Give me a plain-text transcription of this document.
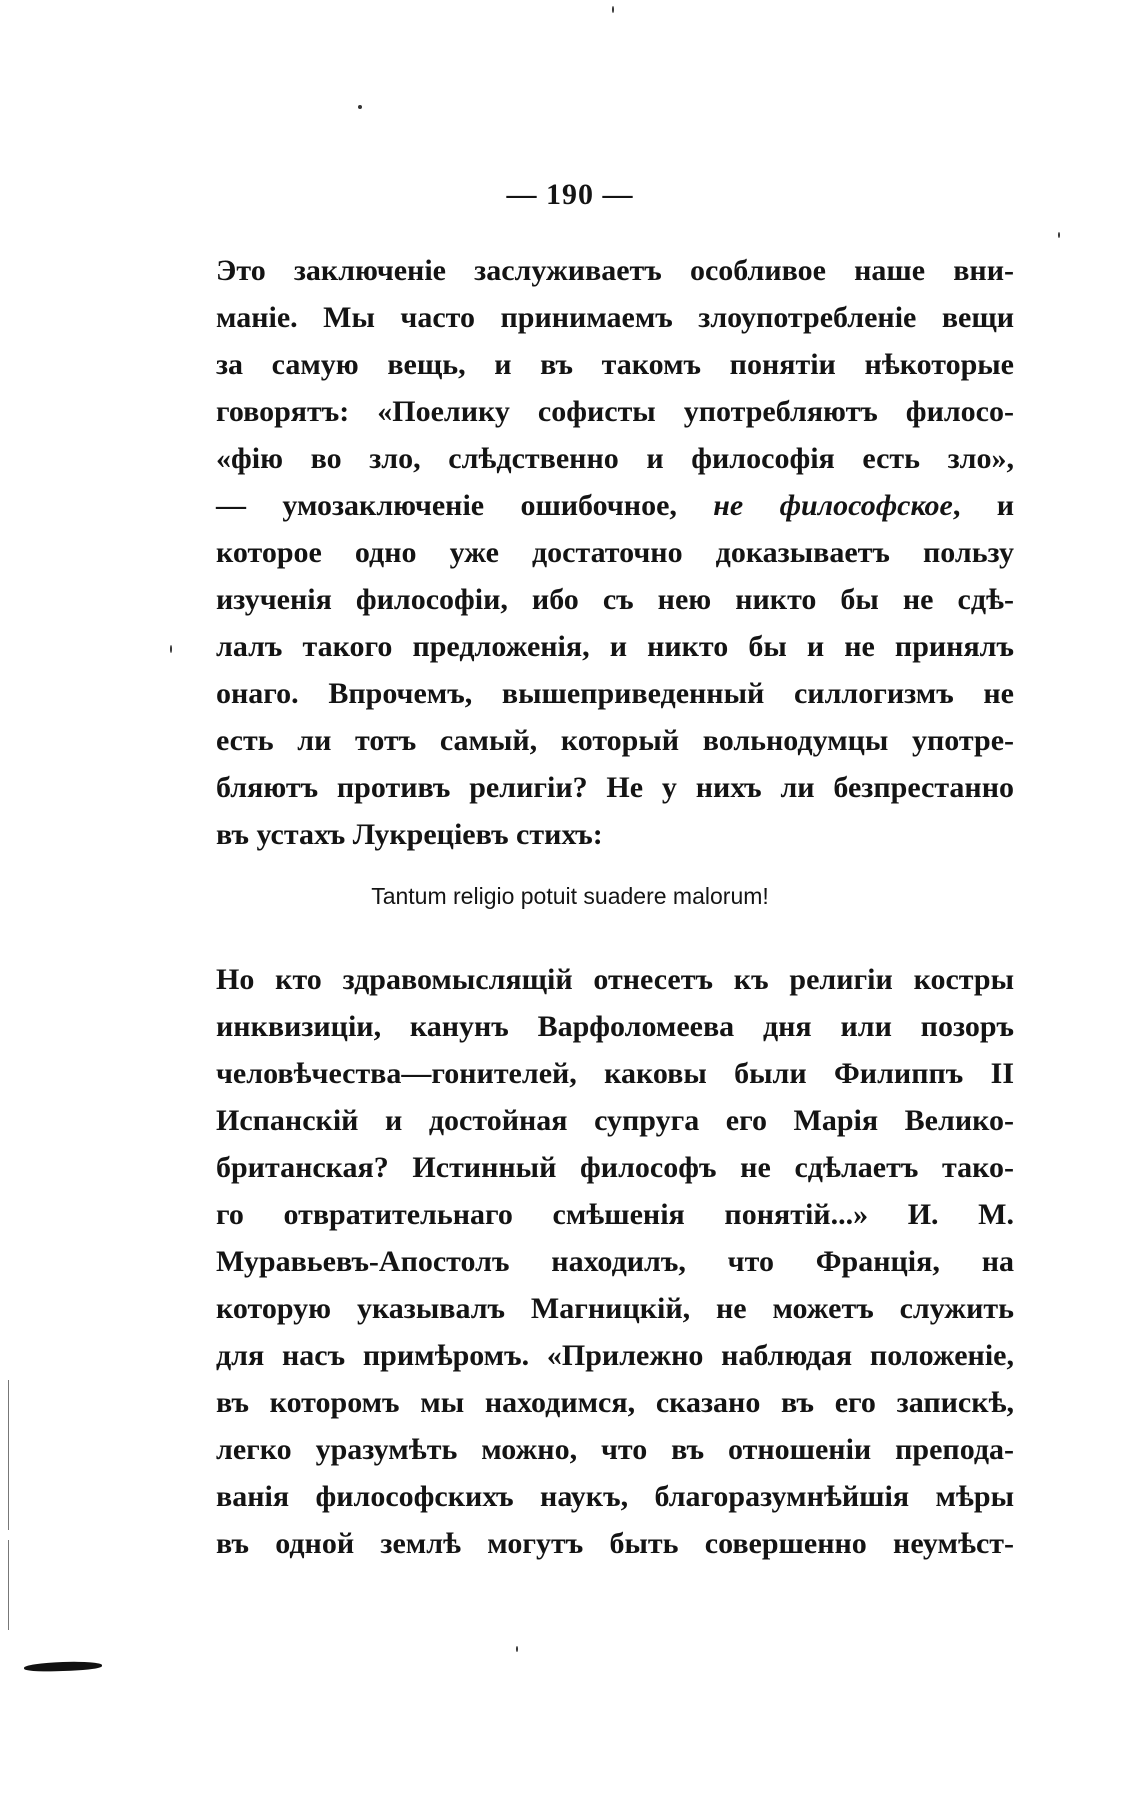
— 190 —
Это заключенiе заслуживаетъ особливое наше вни-
манiе. Мы часто принимаемъ злоупотребленiе вещи
за самую вещь, и въ такомъ понятiи нѣкоторые
говорятъ: «Поелику софисты употребляютъ филосо-
«фiю во зло, слѣдственно и философiя есть зло»,
— умозаключенiе ошибочное, не философское, и
которое одно уже достаточно доказываетъ пользу
изученiя философiи, ибо съ нею никто бы не сдѣ-
лалъ такого предложенiя, и никто бы и не принялъ
онаго. Впрочемъ, вышеприведенный силлогизмъ не
есть ли тотъ самый, который вольнодумцы употре-
бляютъ противъ религiи? Не у нихъ ли безпрестанно
въ устахъ Лукрецiевъ стихъ:
Tantum religio potuit suadere malorum!
Но кто здравомыслящiй отнесетъ къ религiи костры
инквизицiи, канунъ Варфоломеева дня или позоръ
человѣчества—гонителей, каковы были Филиппъ II
Испанскiй и достойная супруга его Марiя Велико-
британская? Истинный философъ не сдѣлаетъ тако-
го отвратительнаго смѣшенiя понятiй...» И. М.
Муравьевъ-Апостолъ находилъ, что Францiя, на
которую указывалъ Магницкiй, не можетъ служить
для насъ примѣромъ. «Прилежно наблюдая положенiе,
въ которомъ мы находимся, сказано въ его запискѣ,
легко уразумѣть можно, что въ отношенiи препода-
ванiя философскихъ наукъ, благоразумнѣйшiя мѣры
въ одной землѣ могутъ быть совершенно неумѣст-
